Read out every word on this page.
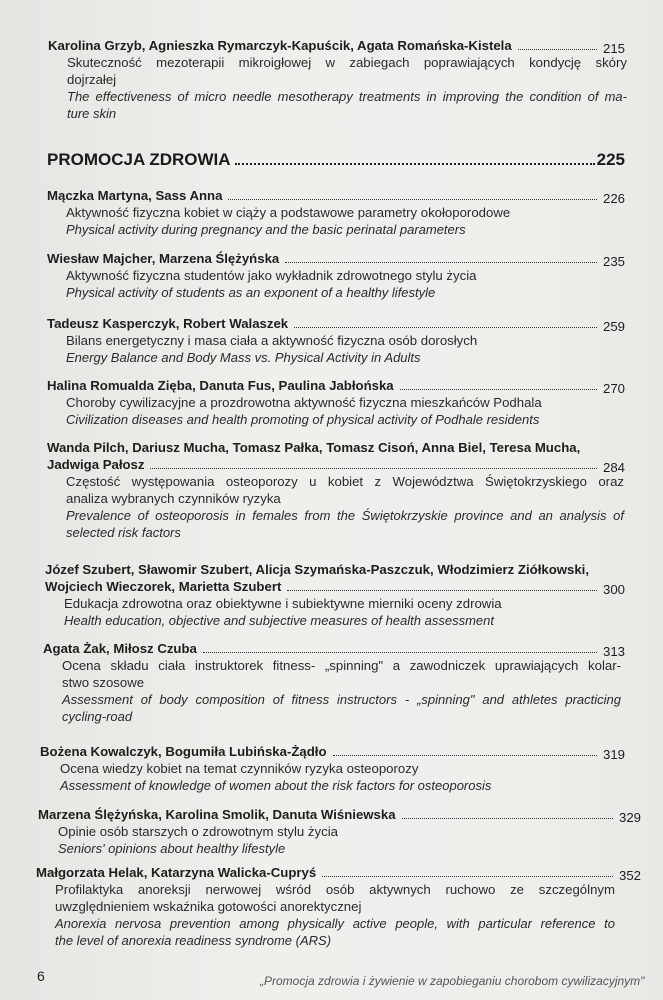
Karolina Grzyb, Agnieszka Rymarczyk-Kapuścik, Agata Romańska-Kistela	215
Skuteczność mezoterapii mikroigłowej w zabiegach poprawiających kondycję skóry
dojrzałej
The effectiveness of micro needle mesotherapy treatments in improving the condition of ma-
ture skin
PROMOCJA ZDROWIA	225
Mączka Martyna, Sass Anna	226
Aktywność fizyczna kobiet w ciąży a podstawowe parametry okołoporodowe
Physical activity during pregnancy and the basic perinatal parameters
Wiesław Majcher, Marzena Ślężyńska	235
Aktywność fizyczna studentów jako wykładnik zdrowotnego stylu życia
Physical activity of students as an exponent of a healthy lifestyle
Tadeusz Kasperczyk, Robert Walaszek	259
Bilans energetyczny i masa ciała a aktywność fizyczna osób dorosłych
Energy Balance and Body Mass vs. Physical Activity in Adults
Halina Romualda Zięba, Danuta Fus, Paulina Jabłońska	270
Choroby cywilizacyjne a prozdrowotna aktywność fizyczna mieszkańców Podhala
Civilization diseases and health promoting of physical activity of Podhale residents
Wanda Pilch, Dariusz Mucha, Tomasz Pałka, Tomasz Cisoń, Anna Biel, Teresa Mucha,
Jadwiga Pałosz	284
Częstość występowania osteoporozy u kobiet z Województwa Świętokrzyskiego oraz
analiza wybranych czynników ryzyka
Prevalence of osteoporosis in females from the Świętokrzyskie province and an analysis of
selected risk factors
Józef Szubert, Sławomir Szubert, Alicja Szymańska-Paszczuk, Włodzimierz Ziółkowski,
Wojciech Wieczorek, Marietta Szubert	300
Edukacja zdrowotna oraz obiektywne i subiektywne mierniki oceny zdrowia
Health education, objective and subjective measures of health assessment
Agata Żak, Miłosz Czuba	313
Ocena składu ciała instruktorek fitness- „spinning" a zawodniczek uprawiających kolar-
stwo szosowe
Assessment of body composition of fitness instructors - „spinning" and athletes practicing
cycling-road
Bożena Kowalczyk, Bogumiła Lubińska-Żądło	319
Ocena wiedzy kobiet na temat czynników ryzyka osteoporozy
Assessment of knowledge of women about the risk factors for osteoporosis
Marzena Ślężyńska, Karolina Smolik, Danuta Wiśniewska	329
Opinie osób starszych o zdrowotnym stylu życia
Seniors' opinions about healthy lifestyle
Małgorzata Helak, Katarzyna Walicka-Cupryś	352
Profilaktyka anoreksji nerwowej wśród osób aktywnych ruchowo ze szczególnym
uwzględnieniem wskaźnika gotowości anorektycznej
Anorexia nervosa prevention among physically active people, with particular reference to
the level of anorexia readiness syndrome (ARS)
6	„Promocja zdrowia i żywienie w zapobieganiu chorobom cywilizacyjnym"
